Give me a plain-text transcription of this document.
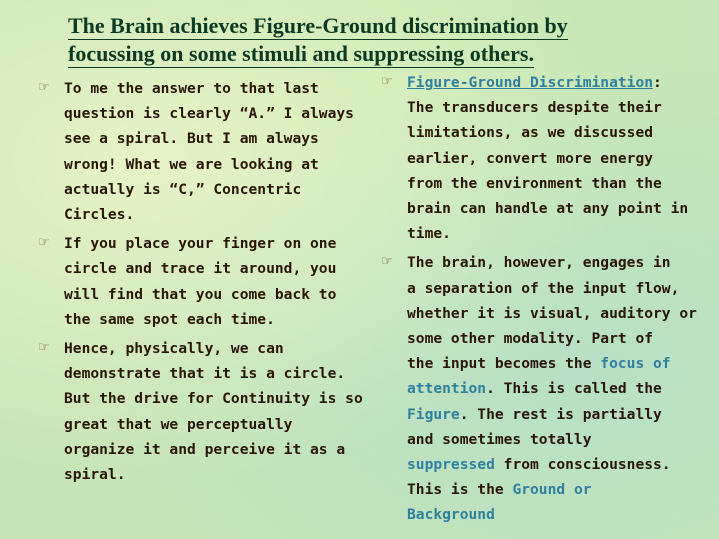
The Brain achieves Figure-Ground discrimination by
focussing on some stimuli and suppressing others.
☞ To me the answer to that last
question is clearly “A.” I always
see a spiral. But I am always
wrong! What we are looking at
actually is “C,” Concentric
Circles.
☞ If you place your finger on one
circle and trace it around, you
will find that you come back to
the same spot each time.
☞ Hence, physically, we can
demonstrate that it is a circle.
But the drive for Continuity is so
great that we perceptually
organize it and perceive it as a
spiral.
☞ Figure-Ground Discrimination:
The transducers despite their
limitations, as we discussed
earlier, convert more energy
from the environment than the
brain can handle at any point in
time.
☞ The brain, however, engages in
a separation of the input flow,
whether it is visual, auditory or
some other modality. Part of
the input becomes the focus of
attention. This is called the
Figure. The rest is partially
and sometimes totally
suppressed from consciousness.
This is the Ground or
Background
